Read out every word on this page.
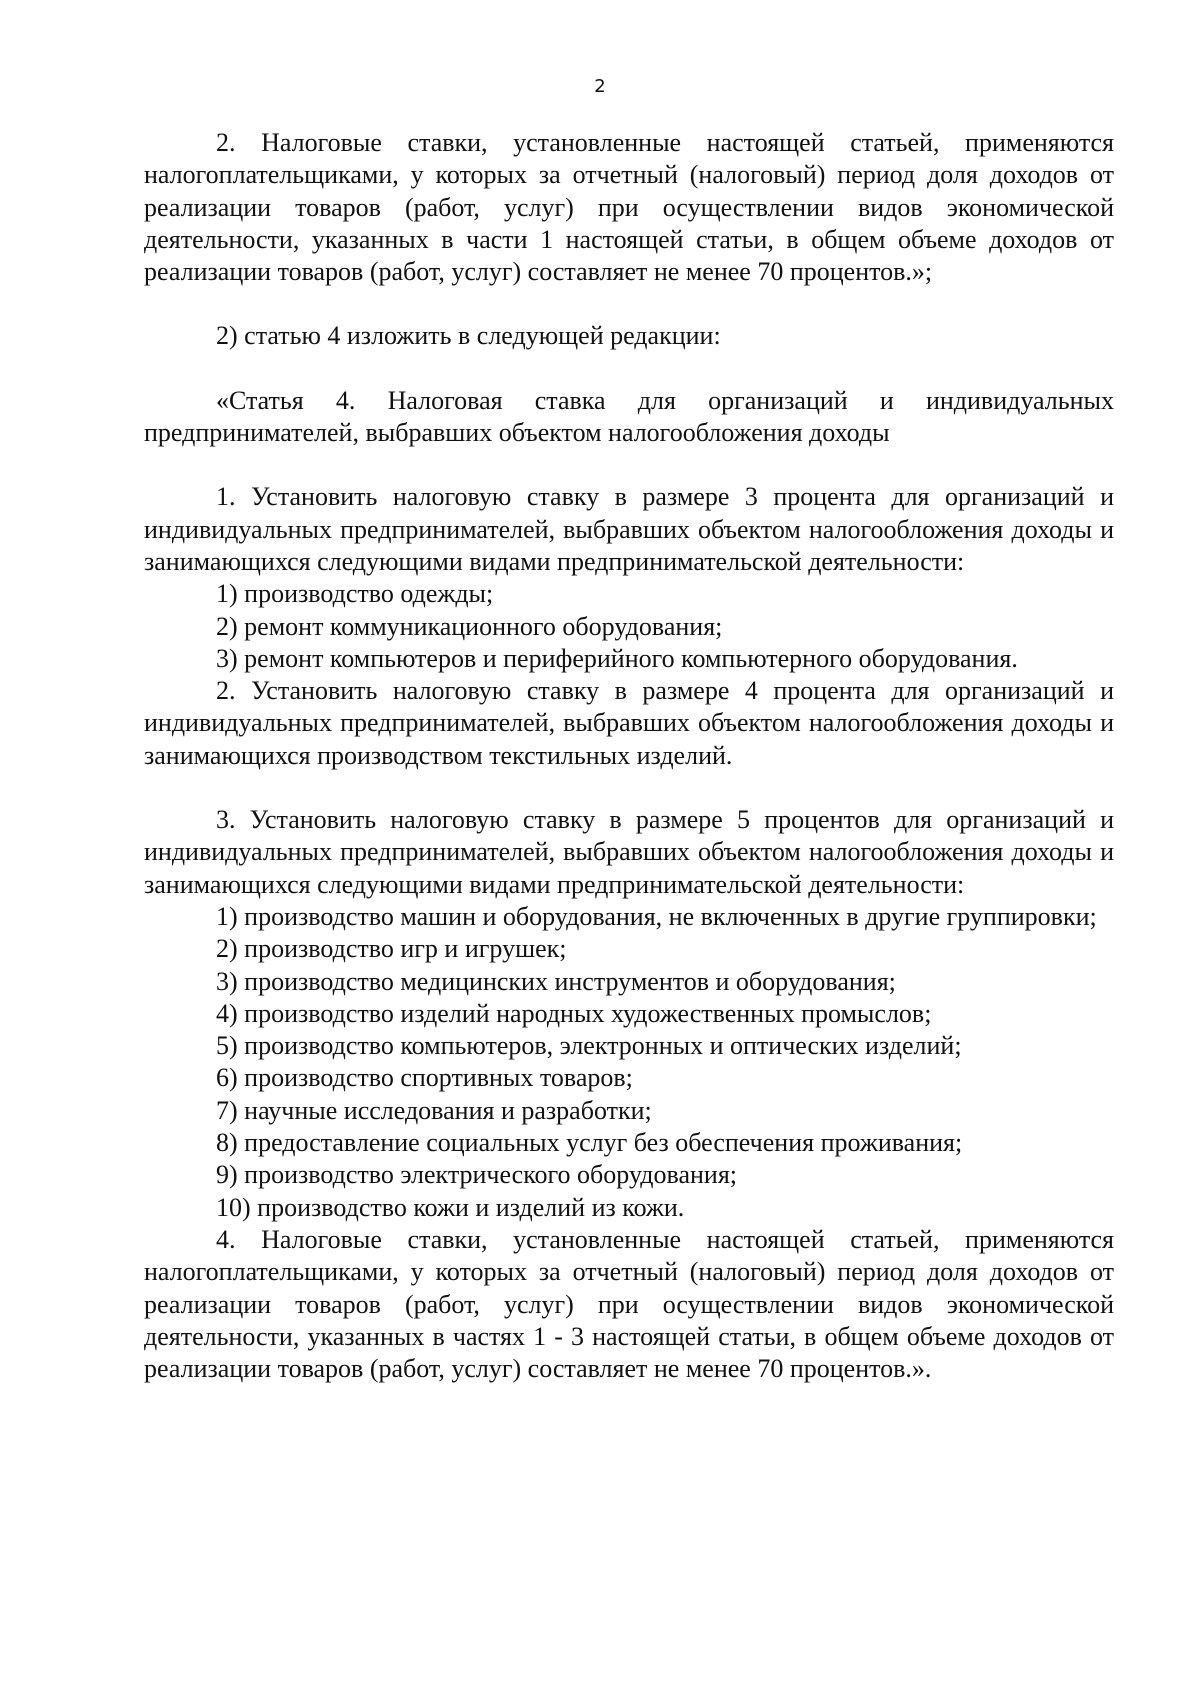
2

2. Налоговые ставки, установленные настоящей статьей, применяются налогоплательщиками, у которых за отчетный (налоговый) период доля доходов от реализации товаров (работ, услуг) при осуществлении видов экономической деятельности, указанных в части 1 настоящей статьи, в общем объеме доходов от реализации товаров (работ, услуг) составляет не менее 70 процентов.»;

2) статью 4 изложить в следующей редакции:

«Статья 4. Налоговая ставка для организаций и индивидуальных предпринимателей, выбравших объектом налогообложения доходы

1. Установить налоговую ставку в размере 3 процента для организаций и индивидуальных предпринимателей, выбравших объектом налогообложения доходы и занимающихся следующими видами предпринимательской деятельности:

1) производство одежды;

2) ремонт коммуникационного оборудования;

3) ремонт компьютеров и периферийного компьютерного оборудования.

2. Установить налоговую ставку в размере 4 процента для организаций и индивидуальных предпринимателей, выбравших объектом налогообложения доходы и занимающихся производством текстильных изделий.

3. Установить налоговую ставку в размере 5 процентов для организаций и индивидуальных предпринимателей, выбравших объектом налогообложения доходы и занимающихся следующими видами предпринимательской деятельности:

1) производство машин и оборудования, не включенных в другие группировки;

2) производство игр и игрушек;

3) производство медицинских инструментов и оборудования;

4) производство изделий народных художественных промыслов;

5) производство компьютеров, электронных и оптических изделий;

6) производство спортивных товаров;

7) научные исследования и разработки;

8) предоставление социальных услуг без обеспечения проживания;

9) производство электрического оборудования;

10) производство кожи и изделий из кожи.

4. Налоговые ставки, установленные настоящей статьей, применяются налогоплательщиками, у которых за отчетный (налоговый) период доля доходов от реализации товаров (работ, услуг) при осуществлении видов экономической деятельности, указанных в частях 1 - 3 настоящей статьи, в общем объеме доходов от реализации товаров (работ, услуг) составляет не менее 70 процентов.».
